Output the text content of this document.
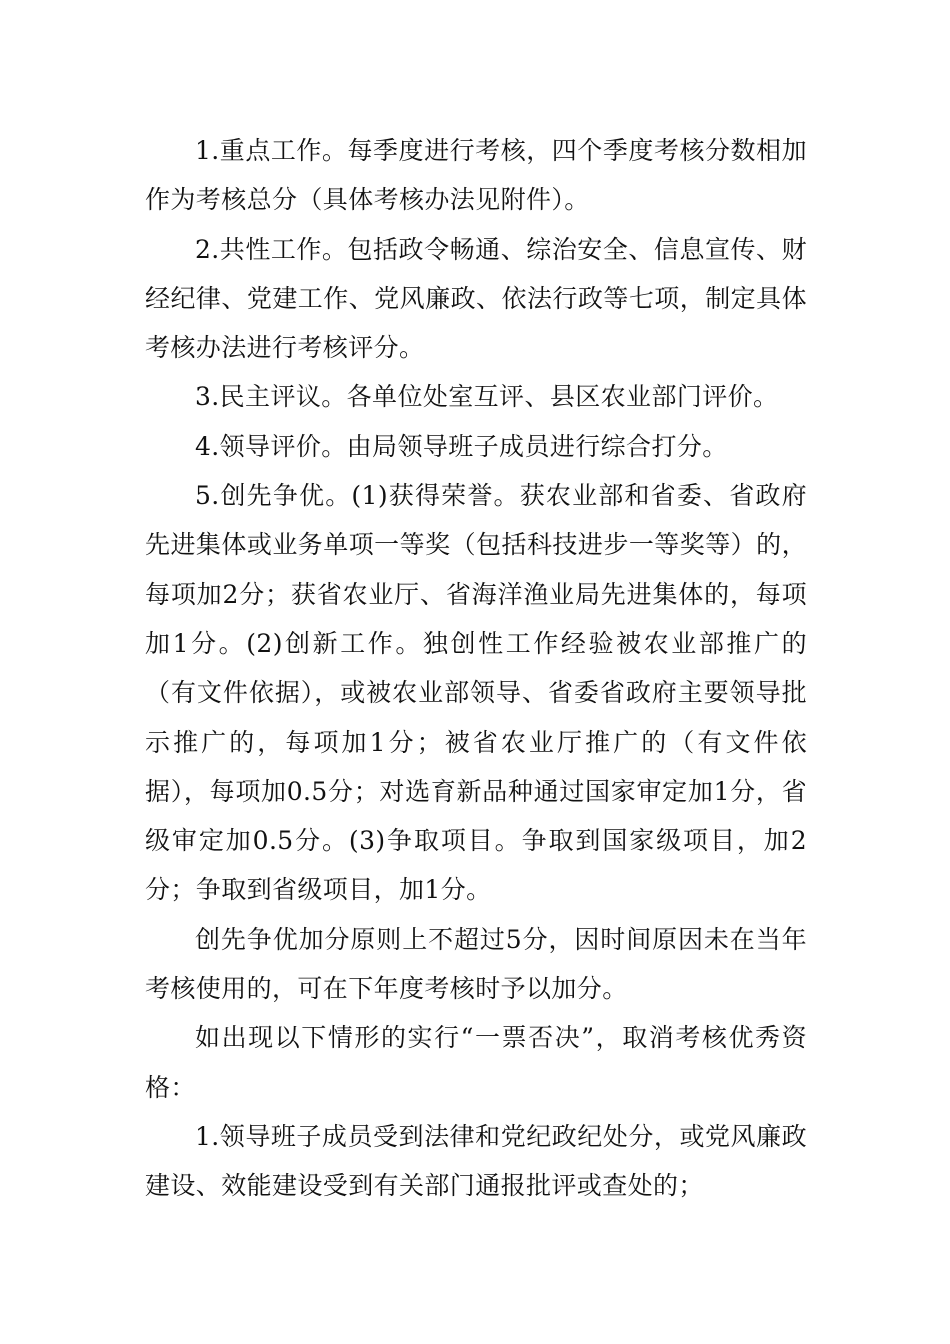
1.重点工作。每季度进行考核，四个季度考核分数相加作为考核总分（具体考核办法见附件）。

2.共性工作。包括政令畅通、综治安全、信息宣传、财经纪律、党建工作、党风廉政、依法行政等七项，制定具体考核办法进行考核评分。

3.民主评议。各单位处室互评、县区农业部门评价。

4.领导评价。由局领导班子成员进行综合打分。

5.创先争优。(1)获得荣誉。获农业部和省委、省政府先进集体或业务单项一等奖（包括科技进步一等奖等）的，每项加2分；获省农业厅、省海洋渔业局先进集体的，每项加1分。(2)创新工作。独创性工作经验被农业部推广的（有文件依据），或被农业部领导、省委省政府主要领导批示推广的，每项加1分；被省农业厅推广的（有文件依据），每项加0.5分；对选育新品种通过国家审定加1分，省级审定加0.5分。(3)争取项目。争取到国家级项目，加2分；争取到省级项目，加1分。

创先争优加分原则上不超过5分，因时间原因未在当年考核使用的，可在下年度考核时予以加分。

如出现以下情形的实行“一票否决”，取消考核优秀资格：

1.领导班子成员受到法律和党纪政纪处分，或党风廉政建设、效能建设受到有关部门通报批评或查处的；
